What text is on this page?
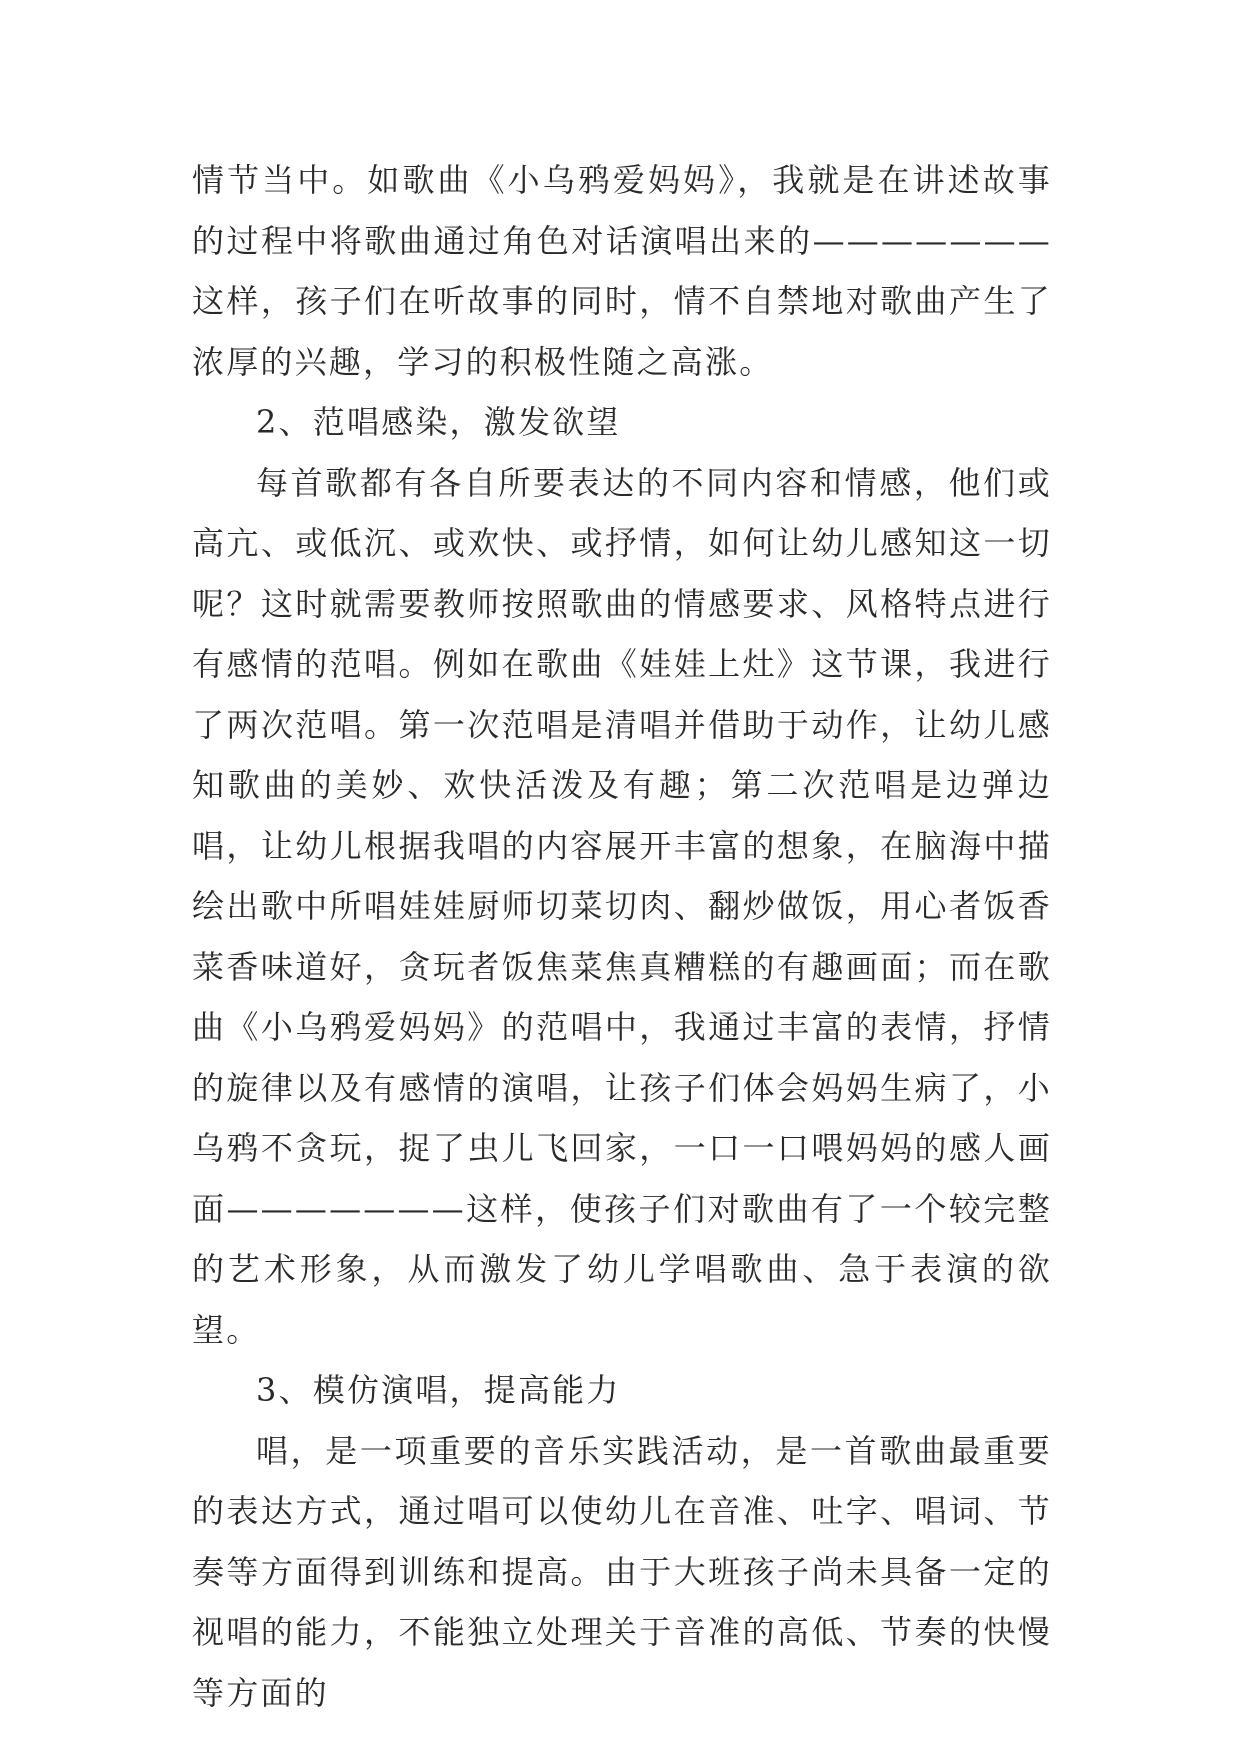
情节当中。如歌曲《小乌鸦爱妈妈》，我就是在讲述故事的过程中将歌曲通过角色对话演唱出来的———————这样，孩子们在听故事的同时，情不自禁地对歌曲产生了浓厚的兴趣，学习的积极性随之高涨。

2、范唱感染，激发欲望

每首歌都有各自所要表达的不同内容和情感，他们或高亢、或低沉、或欢快、或抒情，如何让幼儿感知这一切呢？这时就需要教师按照歌曲的情感要求、风格特点进行有感情的范唱。例如在歌曲《娃娃上灶》这节课，我进行了两次范唱。第一次范唱是清唱并借助于动作，让幼儿感知歌曲的美妙、欢快活泼及有趣；第二次范唱是边弹边唱，让幼儿根据我唱的内容展开丰富的想象，在脑海中描绘出歌中所唱娃娃厨师切菜切肉、翻炒做饭，用心者饭香菜香味道好，贪玩者饭焦菜焦真糟糕的有趣画面；而在歌曲《小乌鸦爱妈妈》的范唱中，我通过丰富的表情，抒情的旋律以及有感情的演唱，让孩子们体会妈妈生病了，小乌鸦不贪玩，捉了虫儿飞回家，一口一口喂妈妈的感人画面———————这样，使孩子们对歌曲有了一个较完整的艺术形象，从而激发了幼儿学唱歌曲、急于表演的欲望。

3、模仿演唱，提高能力

唱，是一项重要的音乐实践活动，是一首歌曲最重要的表达方式，通过唱可以使幼儿在音准、吐字、唱词、节奏等方面得到训练和提高。由于大班孩子尚未具备一定的视唱的能力，不能独立处理关于音准的高低、节奏的快慢等方面的
